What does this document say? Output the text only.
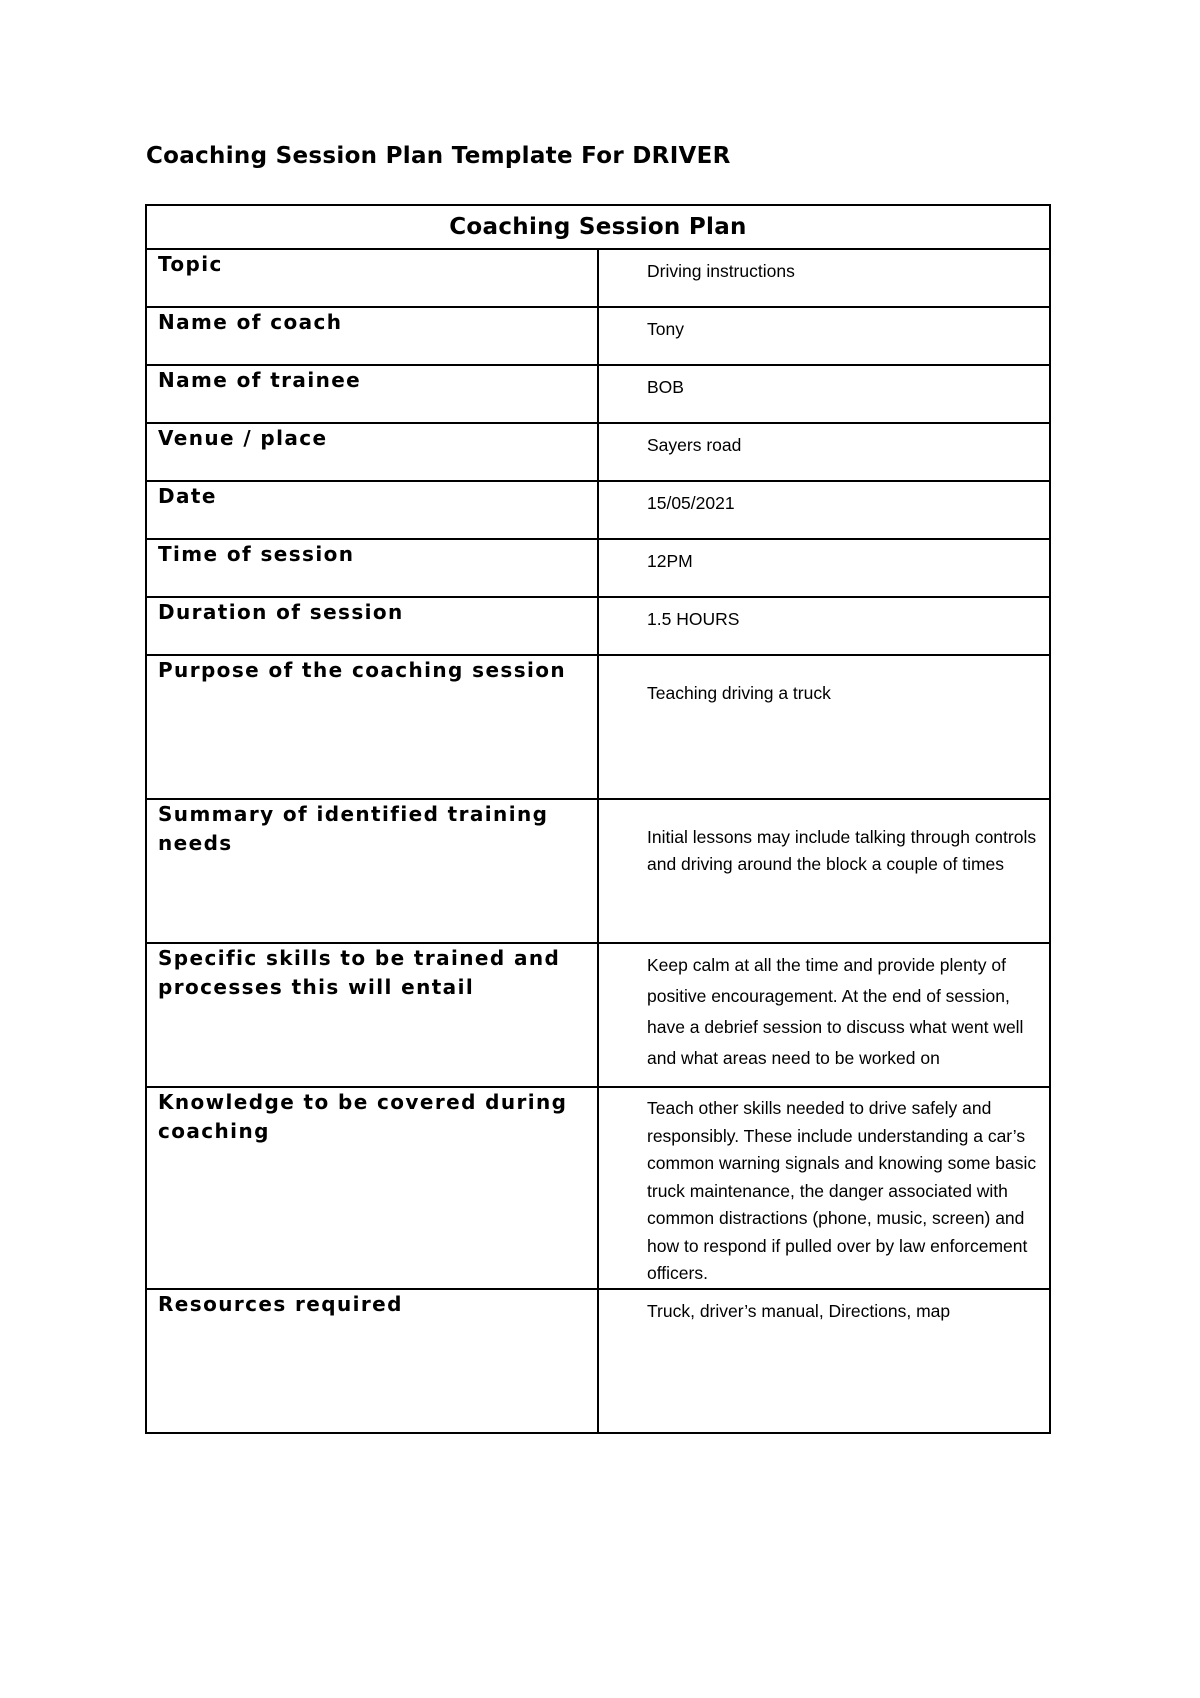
Coaching Session Plan Template For DRIVER
Coaching Session Plan	
Topic	Driving instructions
Name of coach	Tony
Name of trainee	BOB
Venue / place	Sayers road
Date	15/05/2021
Time of session	12PM
Duration of session	1.5 HOURS
Purpose of the coaching session	Teaching driving a truck
Summary of identified training needs	Initial lessons may include talking through controls and driving around the block a couple of times
Specific skills to be trained and processes this will entail	Keep calm at all the time and provide plenty of positive encouragement. At the end of session, have a debrief session to discuss what went well and what areas need to be worked on
Knowledge to be covered during coaching	Teach other skills needed to drive safely and responsibly. These include understanding a car’s common warning signals and knowing some basic truck maintenance, the danger associated with common distractions (phone, music, screen) and how to respond if pulled over by law enforcement officers.
Resources required	Truck, driver’s manual, Directions, map
